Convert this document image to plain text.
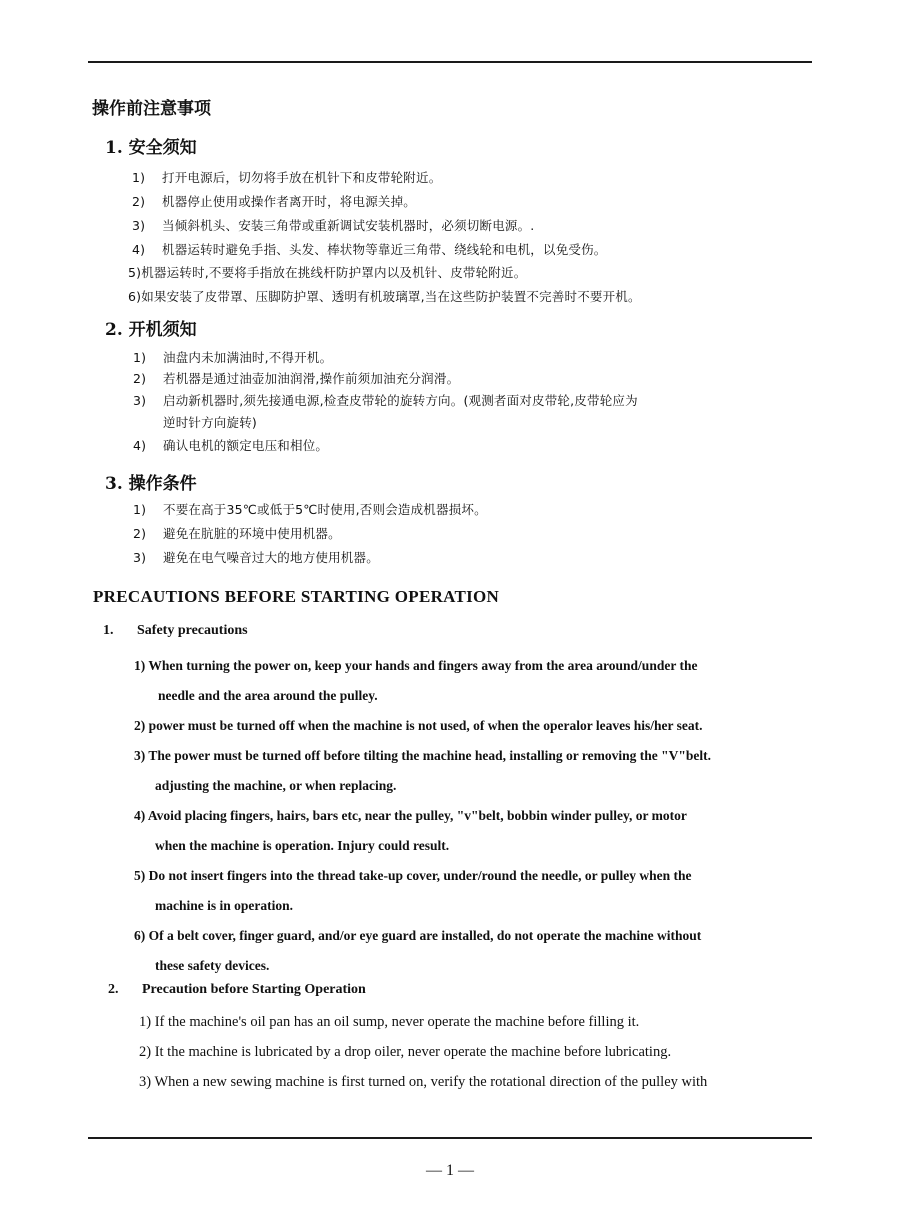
操作前注意事项
1. 安全须知
1) 打开电源后，切勿将手放在机针下和皮带轮附近。
2) 机器停止使用或操作者离开时，将电源关掉。
3) 当倾斜机头、安装三角带或重新调试安装机器时，必须切断电源。.
4) 机器运转时避免手指、头发、棒状物等靠近三角带、绕线轮和电机，以免受伤。
5)机器运转时,不要将手指放在挑线杆防护罩内以及机针、皮带轮附近。
6)如果安装了皮带罩、压脚防护罩、透明有机玻璃罩,当在这些防护装置不完善时不要开机。
2. 开机须知
1) 油盘内未加满油时,不得开机。
2) 若机器是通过油壶加油润滑,操作前须加油充分润滑。
3) 启动新机器时,须先接通电源,检查皮带轮的旋转方向。(观测者面对皮带轮,皮带轮应为
逆时针方向旋转)
4) 确认电机的额定电压和相位。
3. 操作条件
1) 不要在高于35℃或低于5℃时使用,否则会造成机器损坏。
2) 避免在肮脏的环境中使用机器。
3) 避免在电气噪音过大的地方使用机器。
PRECAUTIONS BEFORE STARTING OPERATION
1. Safety precautions
1) When turning the power on, keep your hands and fingers away from the area around/under the
needle and the area around the pulley.
2) power must be turned off when the machine is not used, of when the operalor leaves his/her seat.
3) The power must be turned off before tilting the machine head, installing or removing the "V"belt.
adjusting the machine, or when replacing.
4) Avoid placing fingers, hairs, bars etc, near the pulley, "v"belt, bobbin winder pulley, or motor
when the machine is operation. Injury could result.
5) Do not insert fingers into the thread take-up cover, under/round the needle, or pulley when the
machine is in operation.
6) Of a belt cover, finger guard, and/or eye guard are installed, do not operate the machine without
these safety devices.
2. Precaution before Starting Operation
1) If the machine's oil pan has an oil sump, never operate the machine before filling it.
2) It the machine is lubricated by a drop oiler, never operate the machine before lubricating.
3) When a new sewing machine is first turned on, verify the rotational direction of the pulley with
— 1 —
